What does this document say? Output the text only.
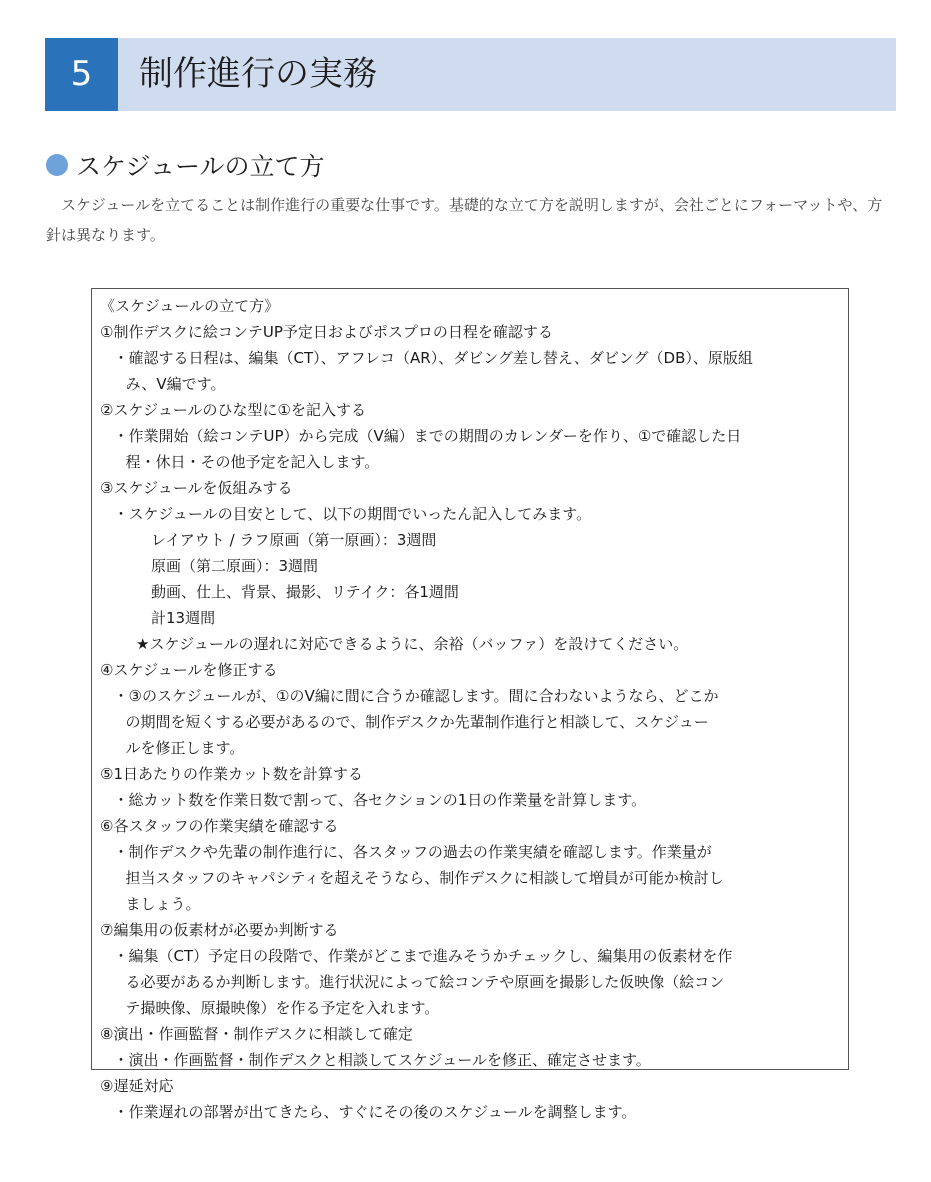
5	制作進行の実務
スケジュールの立て方

スケジュールを立てることは制作進行の重要な仕事です。基礎的な立て方を説明しますが、会社ごとにフォーマットや、方針は異なります。

《スケジュールの立て方》

①制作デスクに絵コンテUP予定日およびポスプロの日程を確認する

・確認する日程は、編集（CT）、アフレコ（AR）、ダビング差し替え、ダビング（DB）、原版組
み、V編です。

②スケジュールのひな型に①を記入する

・作業開始（絵コンテUP）から完成（V編）までの期間のカレンダーを作り、①で確認した日
程・休日・その他予定を記入します。

③スケジュールを仮組みする

・スケジュールの目安として、以下の期間でいったん記入してみます。

レイアウト / ラフ原画（第一原画）：3週間

原画（第二原画）：3週間

動画、仕上、背景、撮影、リテイク：各1週間

計13週間

★スケジュールの遅れに対応できるように、余裕（バッファ）を設けてください。

④スケジュールを修正する

・③のスケジュールが、①のV編に間に合うか確認します。間に合わないようなら、どこか
の期間を短くする必要があるので、制作デスクか先輩制作進行と相談して、スケジュー
ルを修正します。

⑤1日あたりの作業カット数を計算する

・総カット数を作業日数で割って、各セクションの1日の作業量を計算します。

⑥各スタッフの作業実績を確認する

・制作デスクや先輩の制作進行に、各スタッフの過去の作業実績を確認します。作業量が
担当スタッフのキャパシティを超えそうなら、制作デスクに相談して増員が可能か検討し
ましょう。

⑦編集用の仮素材が必要か判断する

・編集（CT）予定日の段階で、作業がどこまで進みそうかチェックし、編集用の仮素材を作
る必要があるか判断します。進行状況によって絵コンテや原画を撮影した仮映像（絵コン
テ撮映像、原撮映像）を作る予定を入れます。

⑧演出・作画監督・制作デスクに相談して確定

・演出・作画監督・制作デスクと相談してスケジュールを修正、確定させます。

⑨遅延対応

・作業遅れの部署が出てきたら、すぐにその後のスケジュールを調整します。
